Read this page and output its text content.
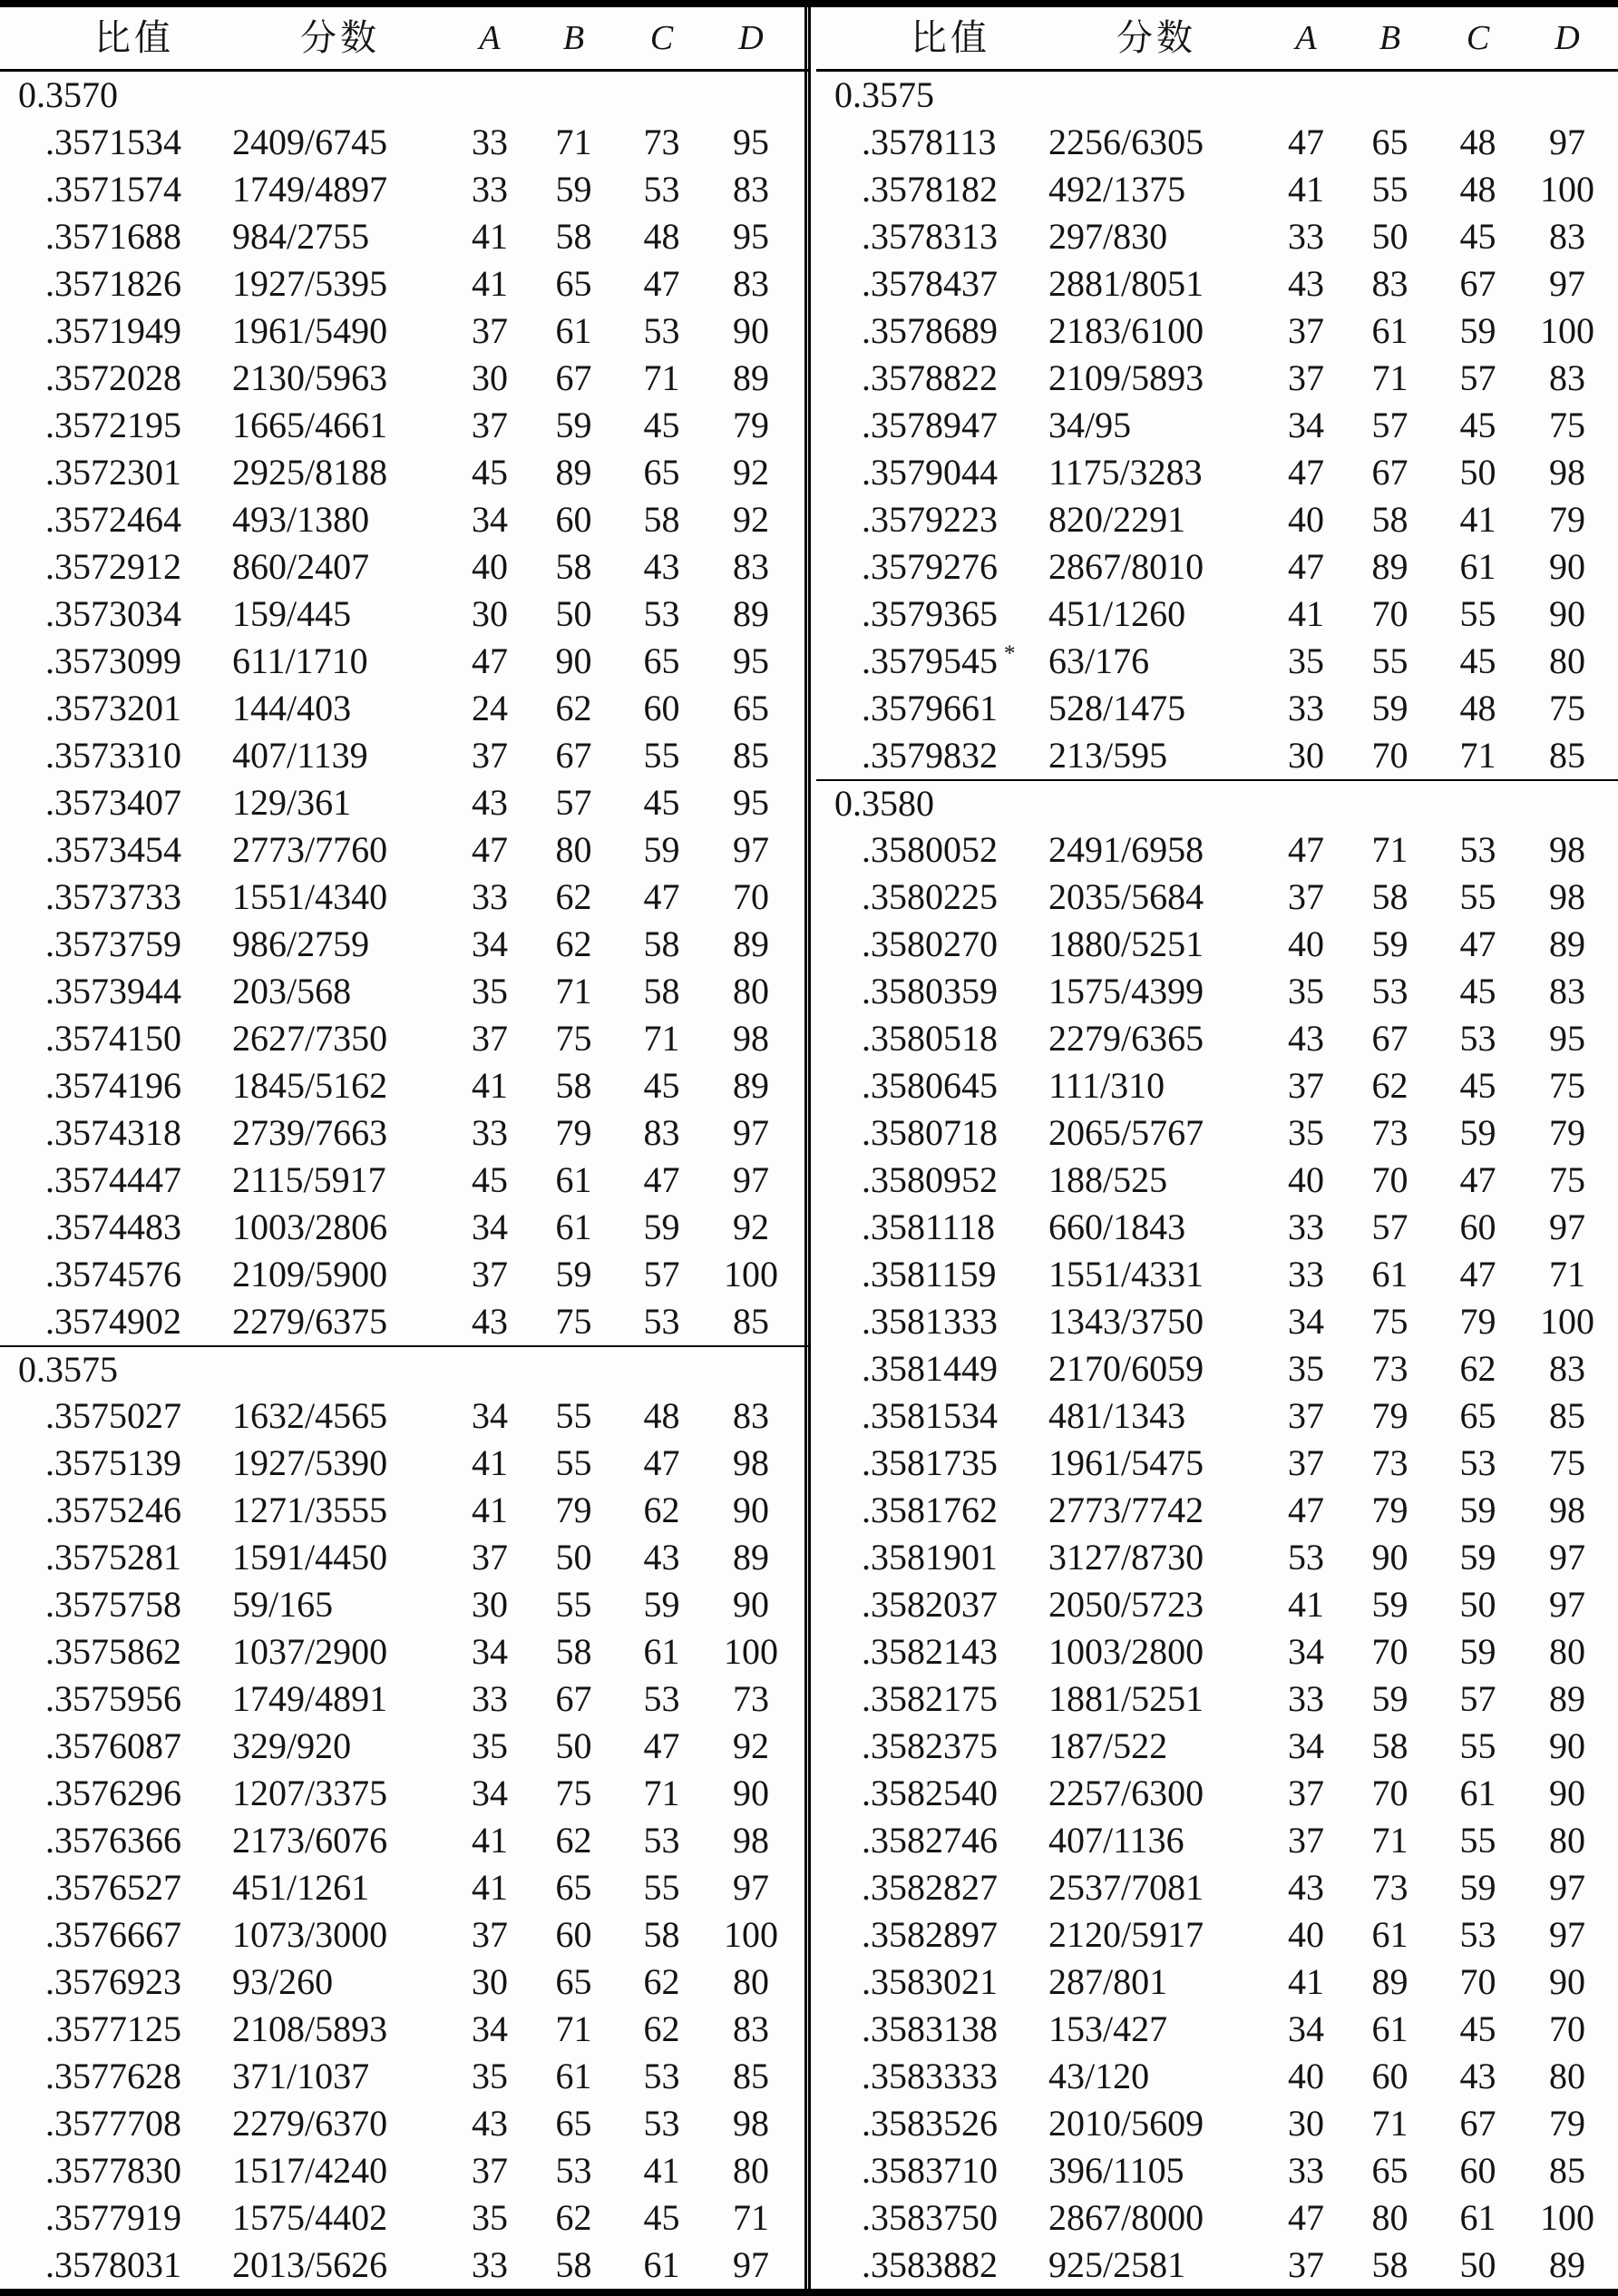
比值	分数	A	B	C	D
0.3570
.3571534	2409/6745	33	71	73	95
.3571574	1749/4897	33	59	53	83
.3571688	984/2755	41	58	48	95
.3571826	1927/5395	41	65	47	83
.3571949	1961/5490	37	61	53	90
.3572028	2130/5963	30	67	71	89
.3572195	1665/4661	37	59	45	79
.3572301	2925/8188	45	89	65	92
.3572464	493/1380	34	60	58	92
.3572912	860/2407	40	58	43	83
.3573034	159/445	30	50	53	89
.3573099	611/1710	47	90	65	95
.3573201	144/403	24	62	60	65
.3573310	407/1139	37	67	55	85
.3573407	129/361	43	57	45	95
.3573454	2773/7760	47	80	59	97
.3573733	1551/4340	33	62	47	70
.3573759	986/2759	34	62	58	89
.3573944	203/568	35	71	58	80
.3574150	2627/7350	37	75	71	98
.3574196	1845/5162	41	58	45	89
.3574318	2739/7663	33	79	83	97
.3574447	2115/5917	45	61	47	97
.3574483	1003/2806	34	61	59	92
.3574576	2109/5900	37	59	57	100
.3574902	2279/6375	43	75	53	85
0.3575
.3575027	1632/4565	34	55	48	83
.3575139	1927/5390	41	55	47	98
.3575246	1271/3555	41	79	62	90
.3575281	1591/4450	37	50	43	89
.3575758	59/165	30	55	59	90
.3575862	1037/2900	34	58	61	100
.3575956	1749/4891	33	67	53	73
.3576087	329/920	35	50	47	92
.3576296	1207/3375	34	75	71	90
.3576366	2173/6076	41	62	53	98
.3576527	451/1261	41	65	55	97
.3576667	1073/3000	37	60	58	100
.3576923	93/260	30	65	62	80
.3577125	2108/5893	34	71	62	83
.3577628	371/1037	35	61	53	85
.3577708	2279/6370	43	65	53	98
.3577830	1517/4240	37	53	41	80
.3577919	1575/4402	35	62	45	71
.3578031	2013/5626	33	58	61	97
比值	分数	A	B	C	D
0.3575
.3578113	2256/6305	47	65	48	97
.3578182	492/1375	41	55	48	100
.3578313	297/830	33	50	45	83
.3578437	2881/8051	43	83	67	97
.3578689	2183/6100	37	61	59	100
.3578822	2109/5893	37	71	57	83
.3578947	34/95	34	57	45	75
.3579044	1175/3283	47	67	50	98
.3579223	820/2291	40	58	41	79
.3579276	2867/8010	47	89	61	90
.3579365	451/1260	41	70	55	90
.3579545 * 63/176	35	55	45	80
.3579661	528/1475	33	59	48	75
.3579832	213/595	30	70	71	85
0.3580
.3580052	2491/6958	47	71	53	98
.3580225	2035/5684	37	58	55	98
.3580270	1880/5251	40	59	47	89
.3580359	1575/4399	35	53	45	83
.3580518	2279/6365	43	67	53	95
.3580645	111/310	37	62	45	75
.3580718	2065/5767	35	73	59	79
.3580952	188/525	40	70	47	75
.3581118	660/1843	33	57	60	97
.3581159	1551/4331	33	61	47	71
.3581333	1343/3750	34	75	79	100
.3581449	2170/6059	35	73	62	83
.3581534	481/1343	37	79	65	85
.3581735	1961/5475	37	73	53	75
.3581762	2773/7742	47	79	59	98
.3581901	3127/8730	53	90	59	97
.3582037	2050/5723	41	59	50	97
.3582143	1003/2800	34	70	59	80
.3582175	1881/5251	33	59	57	89
.3582375	187/522	34	58	55	90
.3582540	2257/6300	37	70	61	90
.3582746	407/1136	37	71	55	80
.3582827	2537/7081	43	73	59	97
.3582897	2120/5917	40	61	53	97
.3583021	287/801	41	89	70	90
.3583138	153/427	34	61	45	70
.3583333	43/120	40	60	43	80
.3583526	2010/5609	30	71	67	79
.3583710	396/1105	33	65	60	85
.3583750	2867/8000	47	80	61	100
.3583882	925/2581	37	58	50	89
